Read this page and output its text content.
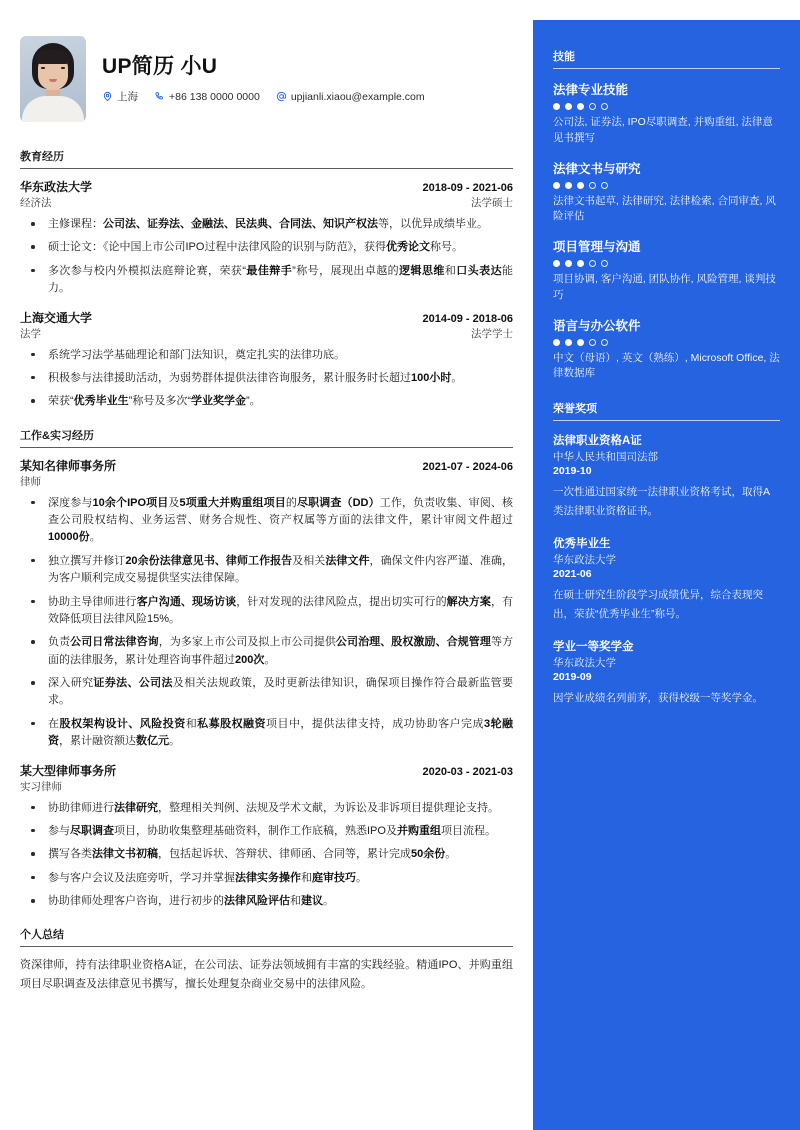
UP简历 小U
上海	+86 138 0000 0000	upjianli.xiaou@example.com
教育经历
华东政法大学	2018-09 - 2021-06
经济法	法学硕士
主修课程：公司法、证券法、金融法、民法典、合同法、知识产权法等，以优异成绩毕业。
硕士论文：《论中国上市公司IPO过程中法律风险的识别与防范》，获得优秀论文称号。
多次参与校内外模拟法庭辩论赛，荣获“最佳辩手”称号，展现出卓越的逻辑思维和口头表达能力。
上海交通大学	2014-09 - 2018-06
法学	法学学士
系统学习法学基础理论和部门法知识，奠定扎实的法律功底。
积极参与法律援助活动，为弱势群体提供法律咨询服务，累计服务时长超过100小时。
荣获“优秀毕业生”称号及多次“学业奖学金”。
工作&实习经历
某知名律师事务所	2021-07 - 2024-06
律师
深度参与10余个IPO项目及5项重大并购重组项目的尽职调查（DD）工作，负责收集、审阅、核查公司股权结构、业务运营、财务合规性、资产权属等方面的法律文件，累计审阅文件超过10000份。
独立撰写并修订20余份法律意见书、律师工作报告及相关法律文件，确保文件内容严谨、准确，为客户顺利完成交易提供坚实法律保障。
协助主导律师进行客户沟通、现场访谈，针对发现的法律风险点，提出切实可行的解决方案，有效降低项目法律风险15%。
负责公司日常法律咨询，为多家上市公司及拟上市公司提供公司治理、股权激励、合规管理等方面的法律服务，累计处理咨询事件超过200次。
深入研究证券法、公司法及相关法规政策，及时更新法律知识，确保项目操作符合最新监管要求。
在股权架构设计、风险投资和私募股权融资项目中，提供法律支持，成功协助客户完成3轮融资，累计融资额达数亿元。
某大型律师事务所	2020-03 - 2021-03
实习律师
协助律师进行法律研究，整理相关判例、法规及学术文献，为诉讼及非诉项目提供理论支持。
参与尽职调查项目，协助收集整理基础资料，制作工作底稿，熟悉IPO及并购重组项目流程。
撰写各类法律文书初稿，包括起诉状、答辩状、律师函、合同等，累计完成50余份。
参与客户会议及法庭旁听，学习并掌握法律实务操作和庭审技巧。
协助律师处理客户咨询，进行初步的法律风险评估和建议。
个人总结

资深律师，持有法律职业资格A证，在公司法、证券法领域拥有丰富的实践经验。精通IPO、并购重组项目尽职调查及法律意见书撰写，擅长处理复杂商业交易中的法律风险。

技能
法律专业技能
公司法, 证券法, IPO尽职调查, 并购重组, 法律意见书撰写
法律文书与研究
法律文书起草, 法律研究, 法律检索, 合同审查, 风险评估
项目管理与沟通
项目协调, 客户沟通, 团队协作, 风险管理, 谈判技巧
语言与办公软件
中文（母语）, 英文（熟练）, Microsoft Office, 法律数据库
荣誉奖项
法律职业资格A证
中华人民共和国司法部
2019-10
一次性通过国家统一法律职业资格考试，取得A类法律职业资格证书。
优秀毕业生
华东政法大学
2021-06
在硕士研究生阶段学习成绩优异，综合表现突出，荣获“优秀毕业生”称号。
学业一等奖学金
华东政法大学
2019-09
因学业成绩名列前茅，获得校级一等奖学金。
